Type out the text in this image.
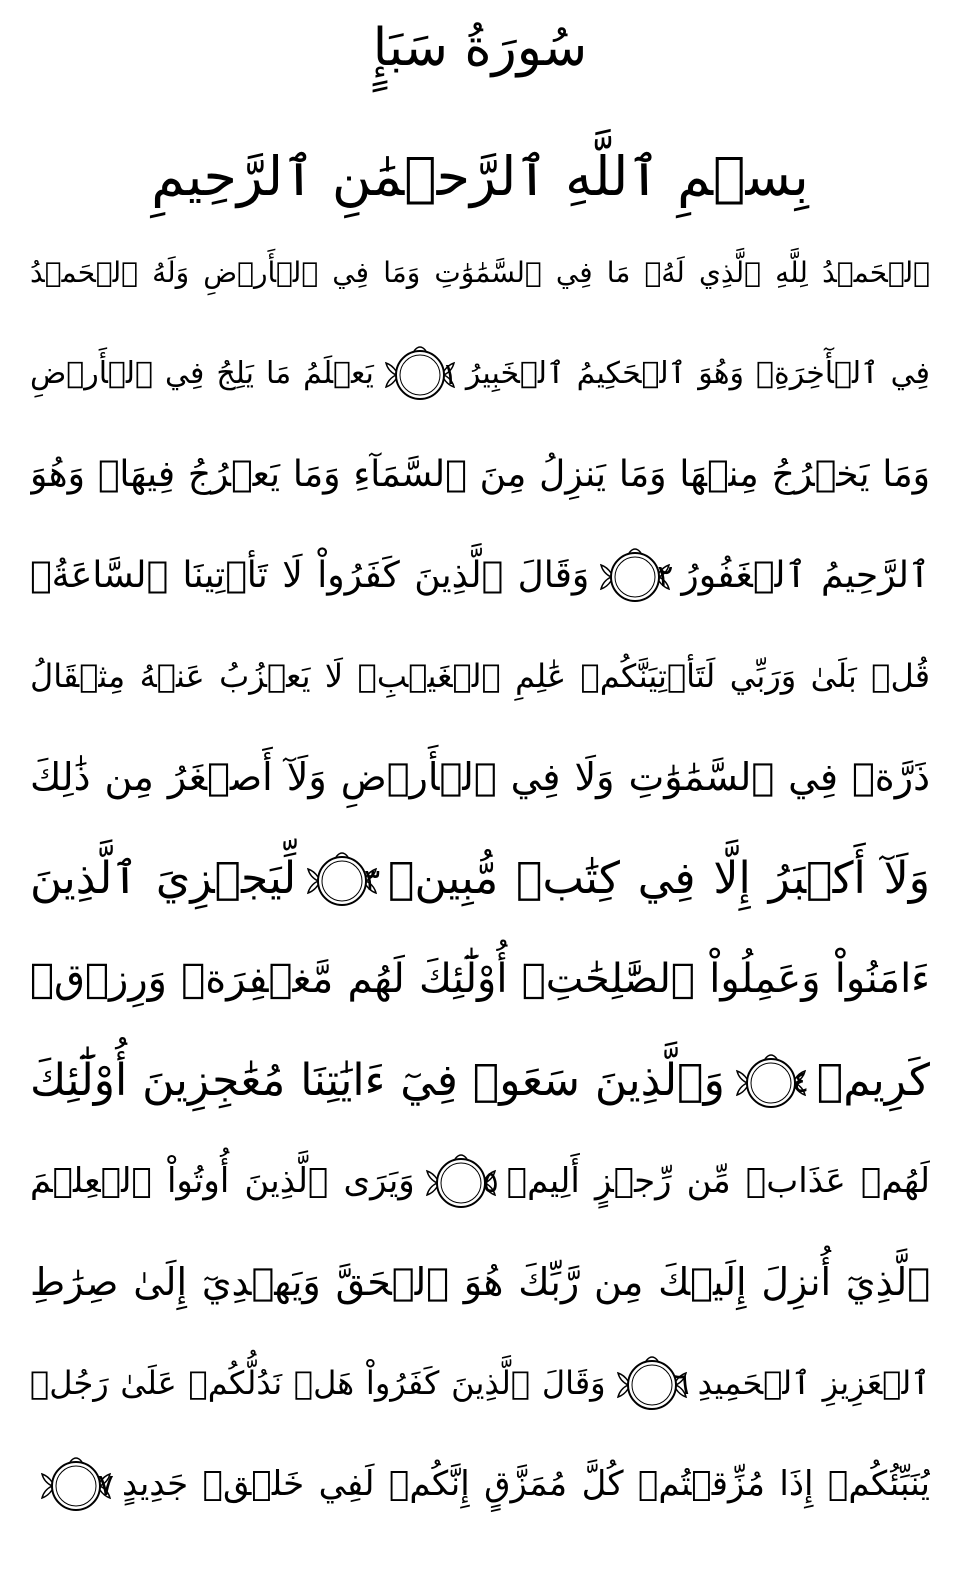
سُورَةُ سَبَإٍ
بِسۡمِ ٱللَّهِ ٱلرَّحۡمَٰنِ ٱلرَّحِيمِ
ٱلۡحَمۡدُ لِلَّهِ ٱلَّذِي لَهُۥ مَا فِي ٱلسَّمَٰوَٰتِ وَمَا فِي ٱلۡأَرۡضِ وَلَهُ ٱلۡحَمۡدُ
فِي ٱلۡأٓخِرَةِۚ وَهُوَ ٱلۡحَكِيمُ ٱلۡخَبِيرُ
١
يَعۡلَمُ مَا يَلِجُ فِي ٱلۡأَرۡضِ
وَمَا يَخۡرُجُ مِنۡهَا وَمَا يَنزِلُ مِنَ ٱلسَّمَآءِ وَمَا يَعۡرُجُ فِيهَاۚ وَهُوَ
ٱلرَّحِيمُ ٱلۡغَفُورُ
٢
وَقَالَ ٱلَّذِينَ كَفَرُواْ لَا تَأۡتِينَا ٱلسَّاعَةُۖ
قُلۡ بَلَىٰ وَرَبِّي لَتَأۡتِيَنَّكُمۡ عَٰلِمِ ٱلۡغَيۡبِۖ لَا يَعۡزُبُ عَنۡهُ مِثۡقَالُ
ذَرَّةٖ فِي ٱلسَّمَٰوَٰتِ وَلَا فِي ٱلۡأَرۡضِ وَلَآ أَصۡغَرُ مِن ذَٰلِكَ
وَلَآ أَكۡبَرُ إِلَّا فِي كِتَٰبٖ مُّبِينٖ
٣
لِّيَجۡزِيَ ٱلَّذِينَ
ءَامَنُواْ وَعَمِلُواْ ٱلصَّٰلِحَٰتِۚ أُوْلَٰٓئِكَ لَهُم مَّغۡفِرَةٞ وَرِزۡقٞ
كَرِيمٞ
٤
وَٱلَّذِينَ سَعَوۡ فِيٓ ءَايَٰتِنَا مُعَٰجِزِينَ أُوْلَٰٓئِكَ
لَهُمۡ عَذَابٞ مِّن رِّجۡزٍ أَلِيمٞ
٥
وَيَرَى ٱلَّذِينَ أُوتُواْ ٱلۡعِلۡمَ
ٱلَّذِيٓ أُنزِلَ إِلَيۡكَ مِن رَّبِّكَ هُوَ ٱلۡحَقَّ وَيَهۡدِيٓ إِلَىٰ صِرَٰطِ
ٱلۡعَزِيزِ ٱلۡحَمِيدِ
٦
وَقَالَ ٱلَّذِينَ كَفَرُواْ هَلۡ نَدُلُّكُمۡ عَلَىٰ رَجُلٖ
يُنَبِّئُكُمۡ إِذَا مُزِّقۡتُمۡ كُلَّ مُمَزَّقٍ إِنَّكُمۡ لَفِي خَلۡقٖ جَدِيدٍ
٧
